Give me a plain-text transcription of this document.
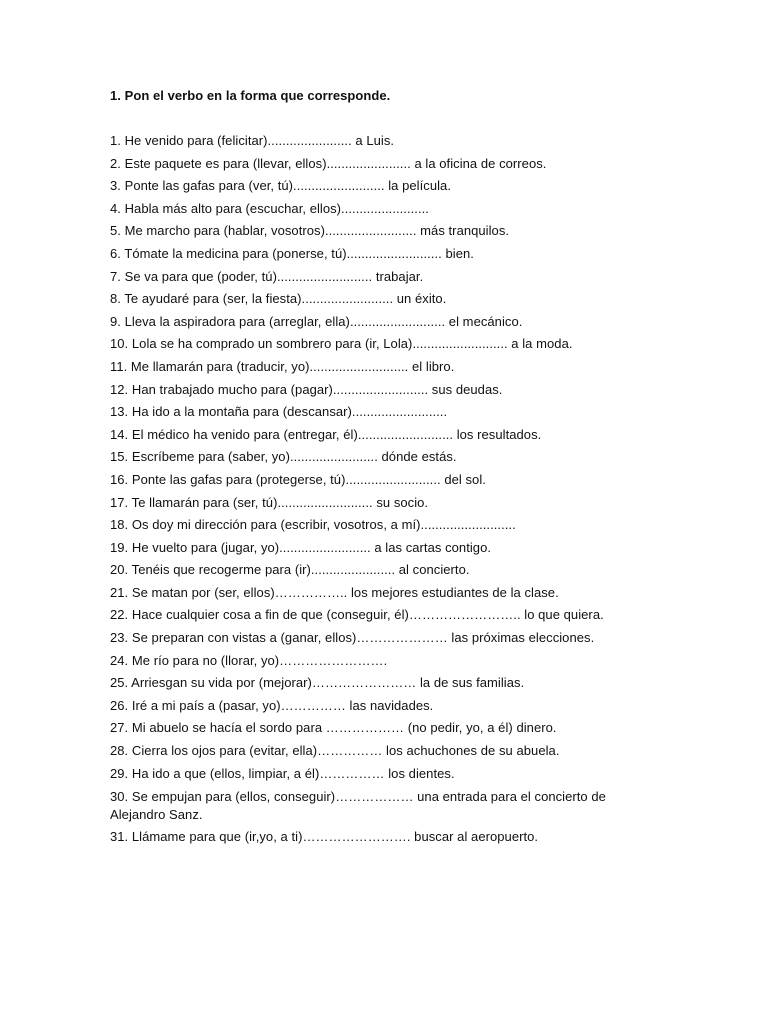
1. Pon el verbo en la forma que corresponde.
1. He venido para (felicitar)....................... a Luis.
2. Este paquete es para (llevar, ellos)....................... a la oficina de correos.
3. Ponte las gafas para (ver, tú)......................... la película.
4. Habla más alto para (escuchar, ellos)........................
5. Me marcho para (hablar, vosotros)......................... más tranquilos.
6. Tómate la medicina para (ponerse, tú).......................... bien.
7. Se va para que (poder, tú).......................... trabajar.
8. Te ayudaré para (ser, la fiesta)......................... un éxito.
9. Lleva la aspiradora para (arreglar, ella).......................... el mecánico.
10. Lola se ha comprado un sombrero para (ir, Lola).......................... a la moda.
11. Me llamarán para (traducir, yo)........................... el libro.
12. Han trabajado mucho para (pagar).......................... sus deudas.
13. Ha ido a la montaña para (descansar)..........................
14. El médico ha venido para (entregar, él).......................... los resultados.
15. Escríbeme para (saber, yo)........................ dónde estás.
16. Ponte las gafas para (protegerse, tú).......................... del sol.
17. Te llamarán para (ser, tú).......................... su socio.
18. Os doy mi dirección para (escribir, vosotros, a mí)..........................
19. He vuelto para (jugar, yo)......................... a las cartas contigo.
20. Tenéis que recogerme para (ir)....................... al concierto.
21. Se matan por (ser, ellos)…………….. los mejores estudiantes de la clase.
22. Hace cualquier cosa a fin de que (conseguir, él)…………………….. lo que quiera.
23. Se preparan con vistas a (ganar, ellos)………………… las próximas elecciones.
24. Me río para no (llorar, yo)…………………….
25. Arriesgan su vida por (mejorar)…………………… la de sus familias.
26. Iré a mi país a (pasar, yo)…………… las navidades.
27. Mi abuelo se hacía el sordo para ……………… (no pedir, yo, a él) dinero.
28. Cierra los ojos para (evitar, ella)…………… los achuchones de su abuela.
29. Ha ido a que (ellos, limpiar, a él)…………… los dientes.
30. Se empujan para (ellos, conseguir)……………… una entrada para el concierto de Alejandro Sanz.
31. Llámame para que (ir,yo, a ti)……………………. buscar al aeropuerto.
